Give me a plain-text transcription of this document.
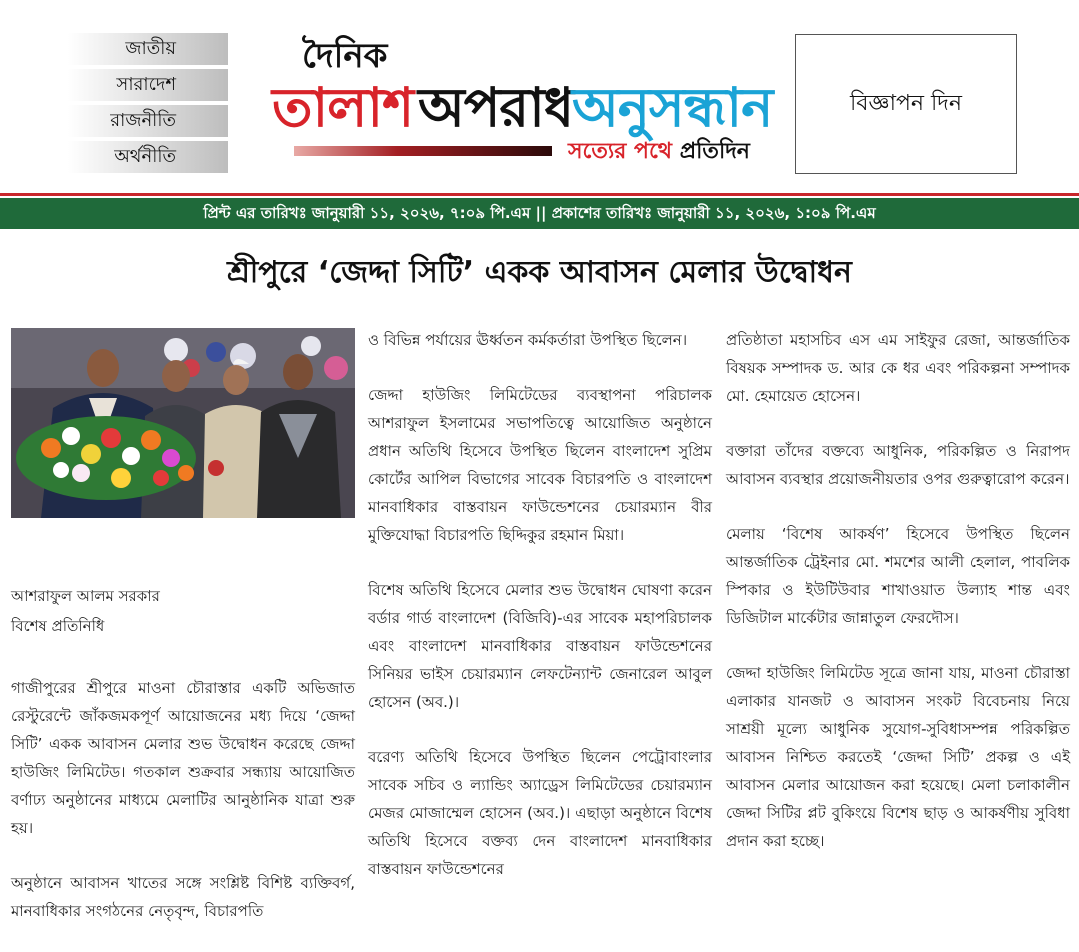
জাতীয়
সারাদেশ
রাজনীতি
অর্থনীতি
দৈনিক
তালাশ অপরাধ
অনুসন্ধান
সত্যের পথে প্রতিদিন
বিজ্ঞাপন দিন
প্রিন্ট এর তারিখঃ জানুয়ারী ১১, ২০২৬, ৭:০৯ পি.এম || প্রকাশের তারিখঃ জানুয়ারী ১১, ২০২৬, ১:০৯ পি.এম
শ্রীপুরে ‘জেদ্দা সিটি’ একক আবাসন মেলার উদ্বোধন

আশরাফুল আলম সরকার

বিশেষ প্রতিনিধি

গাজীপুরের শ্রীপুরে মাওনা চৌরাস্তার একটি অভিজাত রেস্টুরেন্টে জাঁকজমকপূর্ণ আয়োজনের মধ্য দিয়ে ‘জেদ্দা সিটি’ একক আবাসন মেলার শুভ উদ্বোধন করেছে জেদ্দা হাউজিং লিমিটেড। গতকাল শুক্রবার সন্ধ্যায় আয়োজিত বর্ণাঢ্য অনুষ্ঠানের মাধ্যমে মেলাটির আনুষ্ঠানিক যাত্রা শুরু হয়।

অনুষ্ঠানে আবাসন খাতের সঙ্গে সংশ্লিষ্ট বিশিষ্ট ব্যক্তিবর্গ, মানবাধিকার সংগঠনের নেতৃবৃন্দ, বিচারপতি

ও বিভিন্ন পর্যায়ের ঊর্ধ্বতন কর্মকর্তারা উপস্থিত ছিলেন।

জেদ্দা হাউজিং লিমিটেডের ব্যবস্থাপনা পরিচালক আশরাফুল ইসলামের সভাপতিত্বে আয়োজিত অনুষ্ঠানে প্রধান অতিথি হিসেবে উপস্থিত ছিলেন বাংলাদেশ সুপ্রিম কোর্টের আপিল বিভাগের সাবেক বিচারপতি ও বাংলাদেশ মানবাধিকার বাস্তবায়ন ফাউন্ডেশনের চেয়ারম্যান বীর মুক্তিযোদ্ধা বিচারপতি ছিদ্দিকুর রহমান মিয়া।

বিশেষ অতিথি হিসেবে মেলার শুভ উদ্বোধন ঘোষণা করেন বর্ডার গার্ড বাংলাদেশ (বিজিবি)-এর সাবেক মহাপরিচালক এবং বাংলাদেশ মানবাধিকার বাস্তবায়ন ফাউন্ডেশনের সিনিয়র ভাইস চেয়ারম্যান লেফটেন্যান্ট জেনারেল আবুল হোসেন (অব.)।

বরেণ্য অতিথি হিসেবে উপস্থিত ছিলেন পেট্রোবাংলার সাবেক সচিব ও ল্যান্ডিং অ্যাড্রেস লিমিটেডের চেয়ারম্যান মেজর মোজাম্মেল হোসেন (অব.)। এছাড়া অনুষ্ঠানে বিশেষ অতিথি হিসেবে বক্তব্য দেন বাংলাদেশ মানবাধিকার বাস্তবায়ন ফাউন্ডেশনের

প্রতিষ্ঠাতা মহাসচিব এস এম সাইফুর রেজা, আন্তর্জাতিক বিষয়ক সম্পাদক ড. আর কে ধর এবং পরিকল্পনা সম্পাদক মো. হেমায়েত হোসেন।

বক্তারা তাঁদের বক্তব্যে আধুনিক, পরিকল্পিত ও নিরাপদ আবাসন ব্যবস্থার প্রয়োজনীয়তার ওপর গুরুত্বারোপ করেন।

মেলায় ‘বিশেষ আকর্ষণ’ হিসেবে উপস্থিত ছিলেন আন্তর্জাতিক ট্রেইনার মো. শমশের আলী হেলাল, পাবলিক স্পিকার ও ইউটিউবার শাখাওয়াত উল্যাহ শান্ত এবং ডিজিটাল মার্কেটার জান্নাতুল ফেরদৌস।

জেদ্দা হাউজিং লিমিটেড সূত্রে জানা যায়, মাওনা চৌরাস্তা এলাকার যানজট ও আবাসন সংকট বিবেচনায় নিয়ে সাশ্রয়ী মূল্যে আধুনিক সুযোগ-সুবিধাসম্পন্ন পরিকল্পিত আবাসন নিশ্চিত করতেই ‘জেদ্দা সিটি’ প্রকল্প ও এই আবাসন মেলার আয়োজন করা হয়েছে। মেলা চলাকালীন জেদ্দা সিটির প্লট বুকিংয়ে বিশেষ ছাড় ও আকর্ষণীয় সুবিধা প্রদান করা হচ্ছে।
